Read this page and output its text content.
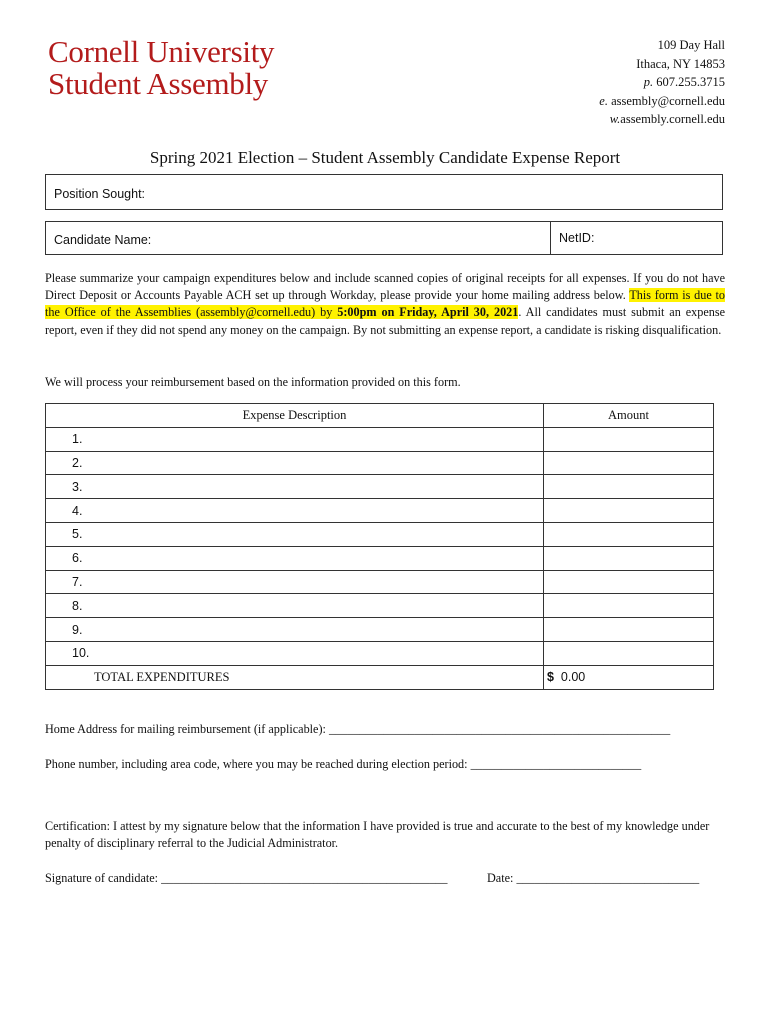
Cornell University
Student Assembly
109 Day Hall
Ithaca, NY 14853
p. 607.255.3715
e. assembly@cornell.edu
w.assembly.cornell.edu
Spring 2021 Election – Student Assembly Candidate Expense Report
Position Sought:
Candidate Name:	NetID:
Please summarize your campaign expenditures below and include scanned copies of original receipts for all expenses. If you do not have Direct Deposit or Accounts Payable ACH set up through Workday, please provide your home mailing address below. This form is due to the Office of the Assemblies (assembly@cornell.edu) by 5:00pm on Friday, April 30, 2021. All candidates must submit an expense report, even if they did not spend any money on the campaign. By not submitting an expense report, a candidate is risking disqualification.
We will process your reimbursement based on the information provided on this form.
Expense Description	Amount
1.	
2.	
3.	
4.	
5.	
6.	
7.	
8.	
9.	
10.	
TOTAL EXPENDITURES	$ 0.00
Home Address for mailing reimbursement (if applicable): ________________________________________________________
Phone number, including area code, where you may be reached during election period: ____________________________
Certification: I attest by my signature below that the information I have provided is true and accurate to the best of my knowledge under penalty of disciplinary referral to the Judicial Administrator.
Signature of candidate: _______________________________________________	Date: ______________________________
